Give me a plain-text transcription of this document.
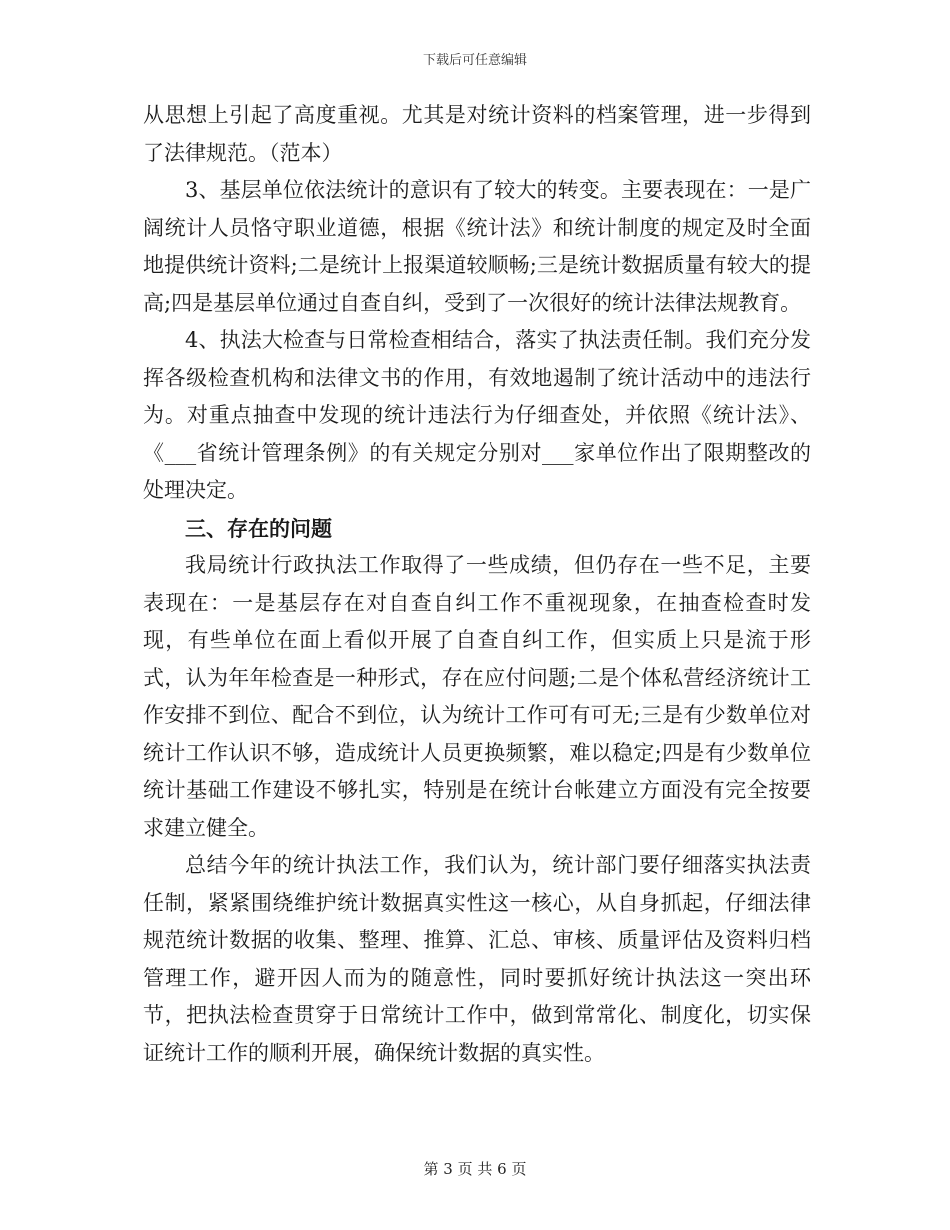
下载后可任意编辑

从思想上引起了高度重视。尤其是对统计资料的档案管理，进一步得到了法律规范。（范本）

3、基层单位依法统计的意识有了较大的转变。主要表现在：一是广阔统计人员恪守职业道德，根据《统计法》和统计制度的规定及时全面地提供统计资料;二是统计上报渠道较顺畅;三是统计数据质量有较大的提高;四是基层单位通过自查自纠，受到了一次很好的统计法律法规教育。

4、执法大检查与日常检查相结合，落实了执法责任制。我们充分发挥各级检查机构和法律文书的作用，有效地遏制了统计活动中的违法行为。对重点抽查中发现的统计违法行为仔细查处，并依照《统计法》、《___省统计管理条例》的有关规定分别对___家单位作出了限期整改的处理决定。

三、存在的问题

我局统计行政执法工作取得了一些成绩，但仍存在一些不足，主要表现在：一是基层存在对自查自纠工作不重视现象，在抽查检查时发现，有些单位在面上看似开展了自查自纠工作，但实质上只是流于形式，认为年年检查是一种形式，存在应付问题;二是个体私营经济统计工作安排不到位、配合不到位，认为统计工作可有可无;三是有少数单位对统计工作认识不够，造成统计人员更换频繁，难以稳定;四是有少数单位统计基础工作建设不够扎实，特别是在统计台帐建立方面没有完全按要求建立健全。

总结今年的统计执法工作，我们认为，统计部门要仔细落实执法责任制，紧紧围绕维护统计数据真实性这一核心，从自身抓起，仔细法律规范统计数据的收集、整理、推算、汇总、审核、质量评估及资料归档管理工作，避开因人而为的随意性，同时要抓好统计执法这一突出环节，把执法检查贯穿于日常统计工作中，做到常常化、制度化，切实保证统计工作的顺利开展，确保统计数据的真实性。

第 3 页 共 6 页
